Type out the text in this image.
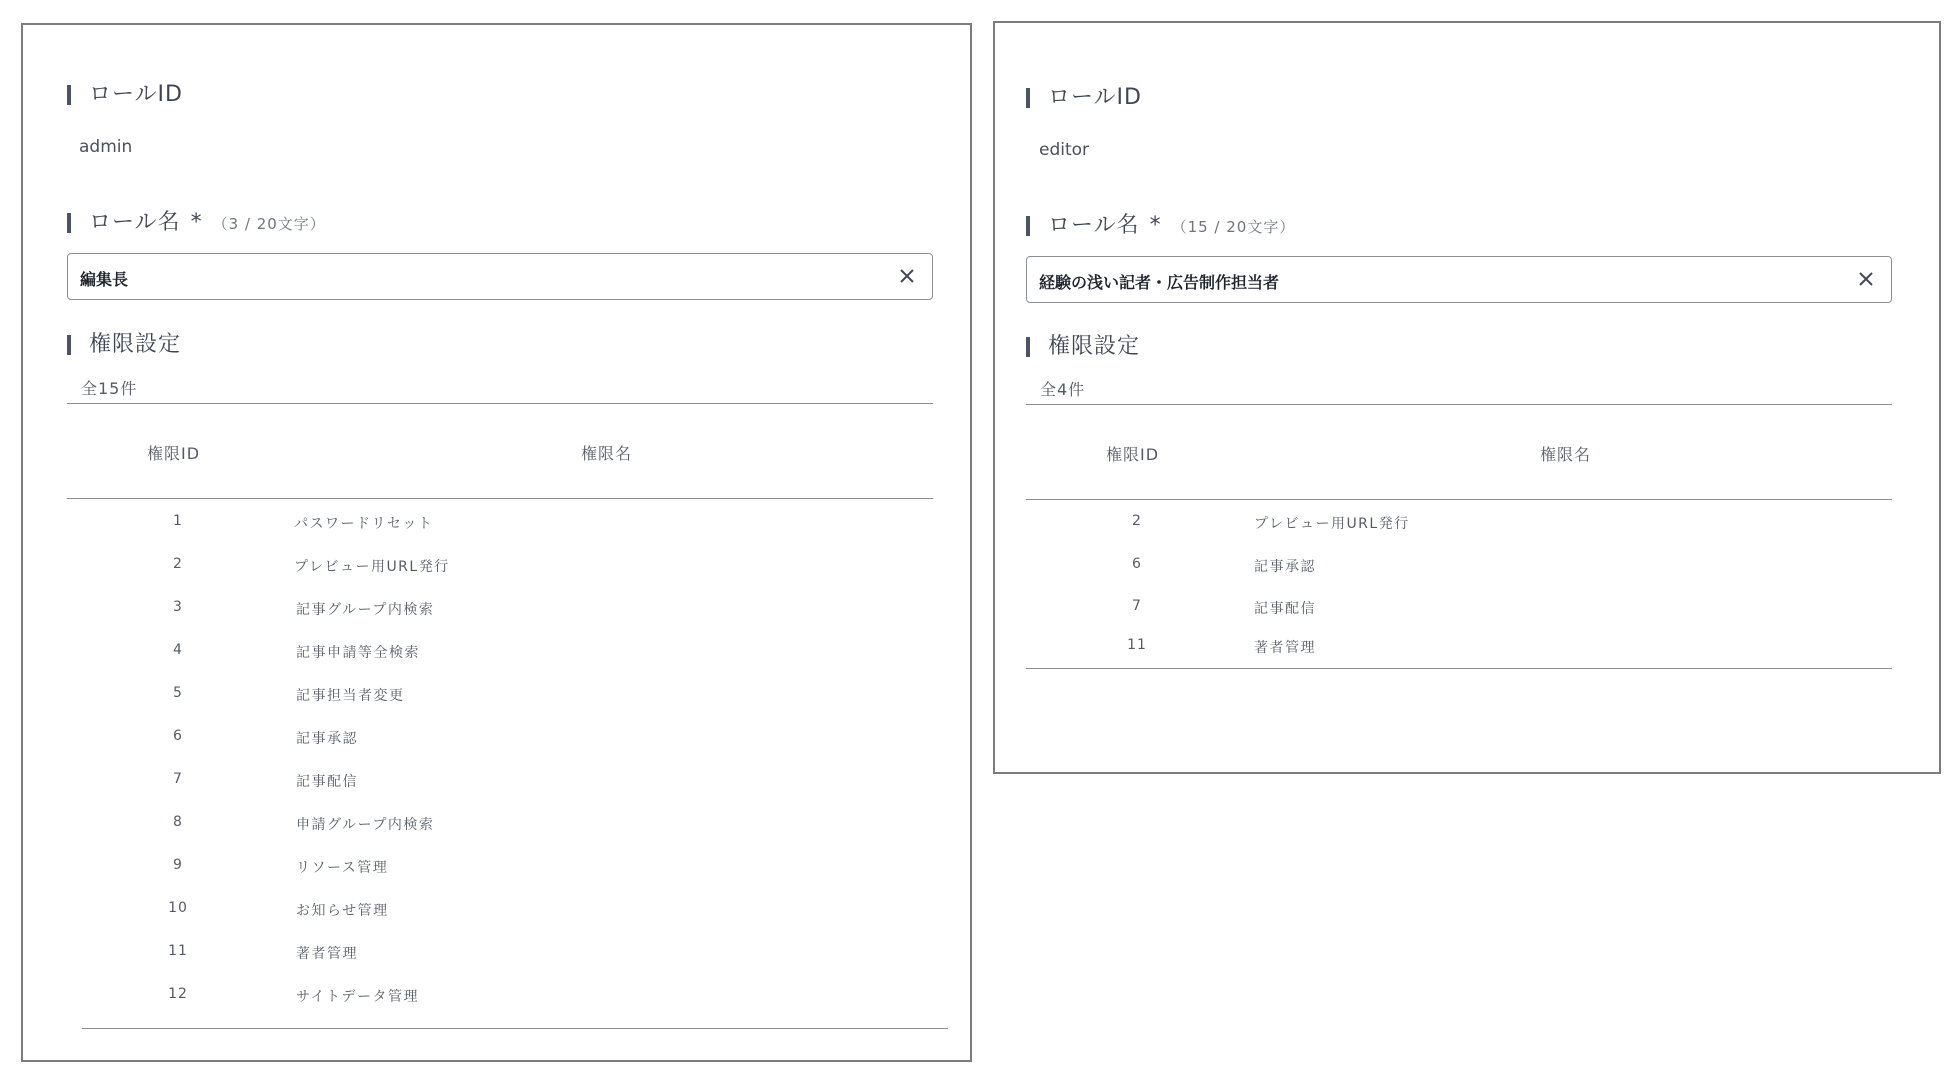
ロールID
admin
ロール名 * （3 / 20文字）
編集長
権限設定
全15件
権限ID	権限名
1	パスワードリセット
2	プレビュー用URL発行
3	記事グループ内検索
4	記事申請等全検索
5	記事担当者変更
6	記事承認
7	記事配信
8	申請グループ内検索
9	リソース管理
10	お知らせ管理
11	著者管理
12	サイトデータ管理
ロールID
editor
ロール名 * （15 / 20文字）
経験の浅い記者・広告制作担当者
権限設定
全4件
権限ID	権限名
2	プレビュー用URL発行
6	記事承認
7	記事配信
11	著者管理
